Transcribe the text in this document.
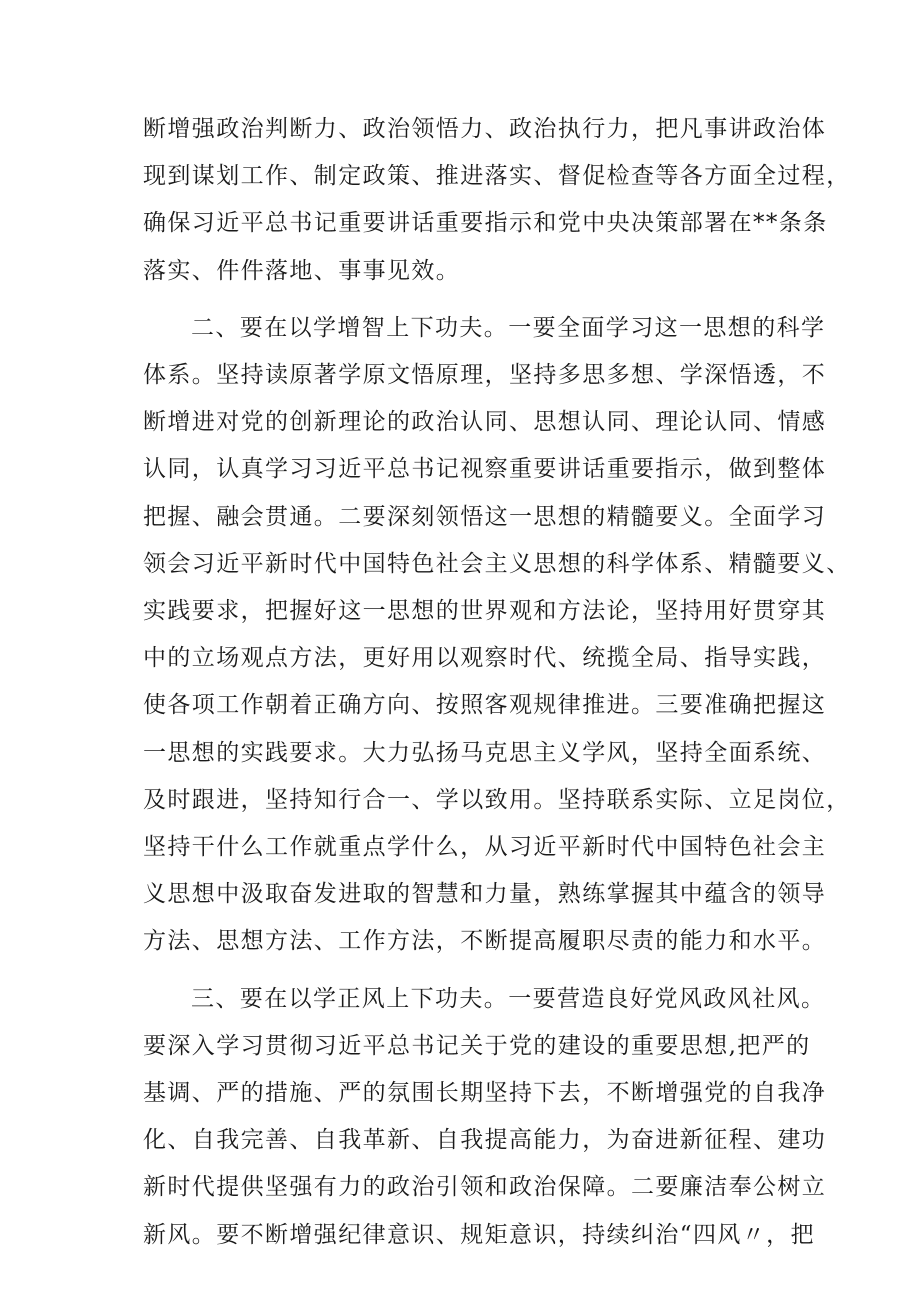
断增强政治判断力、政治领悟力、政治执行力，把凡事讲政治体
现到谋划工作、制定政策、推进落实、督促检查等各方面全过程，
确保习近平总书记重要讲话重要指示和党中央决策部署在**条条
落实、件件落地、事事见效。

二、要在以学增智上下功夫。一要全面学习这一思想的科学
体系。坚持读原著学原文悟原理，坚持多思多想、学深悟透，不
断增进对党的创新理论的政治认同、思想认同、理论认同、情感
认同，认真学习习近平总书记视察重要讲话重要指示，做到整体
把握、融会贯通。二要深刻领悟这一思想的精髓要义。全面学习
领会习近平新时代中国特色社会主义思想的科学体系、精髓要义、
实践要求，把握好这一思想的世界观和方法论，坚持用好贯穿其
中的立场观点方法，更好用以观察时代、统揽全局、指导实践，
使各项工作朝着正确方向、按照客观规律推进。三要准确把握这
一思想的实践要求。大力弘扬马克思主义学风，坚持全面系统、
及时跟进，坚持知行合一、学以致用。坚持联系实际、立足岗位，
坚持干什么工作就重点学什么，从习近平新时代中国特色社会主
义思想中汲取奋发进取的智慧和力量，熟练掌握其中蕴含的领导
方法、思想方法、工作方法，不断提高履职尽责的能力和水平。

三、要在以学正风上下功夫。一要营造良好党风政风社风。
要深入学习贯彻习近平总书记关于党的建设的重要思想,把严的
基调、严的措施、严的氛围长期坚持下去，不断增强党的自我净
化、自我完善、自我革新、自我提高能力，为奋进新征程、建功
新时代提供坚强有力的政治引领和政治保障。二要廉洁奉公树立
新风。要不断增强纪律意识、规矩意识，持续纠治“四风〃，把
